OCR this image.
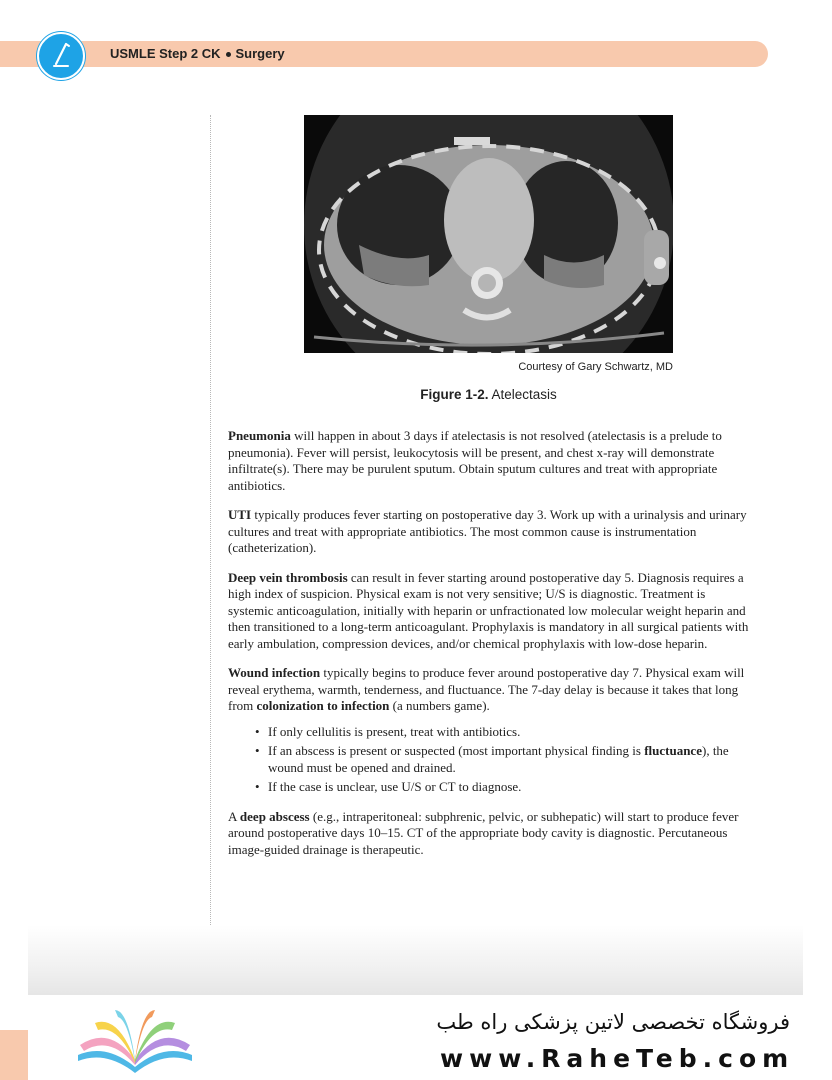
USMLE Step 2 CK Surgery
Courtesy of Gary Schwartz, MD
Figure 1-2. Atelectasis

Pneumonia will happen in about 3 days if atelectasis is not resolved (atelectasis is a prelude to pneumonia). Fever will persist, leukocytosis will be present, and chest x-ray will demonstrate infiltrate(s). There may be purulent sputum. Obtain sputum cultures and treat with appropriate antibiotics.

UTI typically produces fever starting on postoperative day 3. Work up with a urinalysis and urinary cultures and treat with appropriate antibiotics. The most common cause is instrumentation (catheterization).

Deep vein thrombosis can result in fever starting around postoperative day 5. Diagnosis requires a high index of suspicion. Physical exam is not very sensitive; U/S is diagnostic. Treatment is systemic anticoagulation, initially with heparin or unfractionated low molecular weight heparin and then transitioned to a long-term anticoagulant. Prophylaxis is mandatory in all surgical patients with early ambulation, compression devices, and/or chemical prophylaxis with low-dose heparin.

Wound infection typically begins to produce fever around postoperative day 7. Physical exam will reveal erythema, warmth, tenderness, and fluctuance. The 7-day delay is because it takes that long from colonization to infection (a numbers game).

• If only cellulitis is present, treat with antibiotics.
• If an abscess is present or suspected (most important physical finding is fluctuance), the wound must be opened and drained.
• If the case is unclear, use U/S or CT to diagnose.

A deep abscess (e.g., intraperitoneal: subphrenic, pelvic, or subhepatic) will start to produce fever around postoperative days 10–15. CT of the appropriate body cavity is diagnostic. Percutaneous image-guided drainage is therapeutic.

فروشگاه تخصصی لاتین پزشکی راه طب
www.RaheTeb.com
